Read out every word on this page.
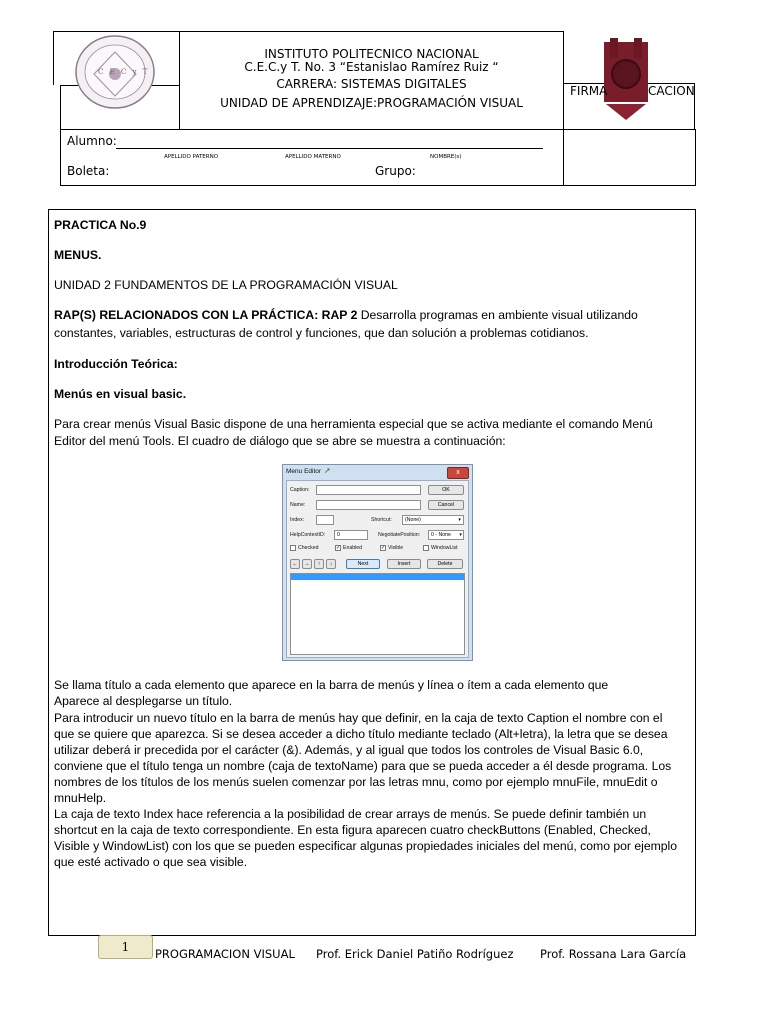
C E C y T
INSTITUTO POLITECNICO NACIONAL
C.E.C.y T. No. 3 “Estanislao Ramírez Ruiz “
CARRERA: SISTEMAS DIGITALES
UNIDAD DE APRENDIZAJE:PROGRAMACIÓN VISUAL
FIRMA	CACION
Alumno:
APELLIDO PATERNO	APELLIDO MATERNO	NOMBRE(s)
Boleta:	Grupo:
PRACTICA No.9
MENUS.
UNIDAD 2 FUNDAMENTOS DE LA PROGRAMACIÓN VISUAL
RAP(S) RELACIONADOS CON LA PRÁCTICA: RAP 2 Desarrolla programas en ambiente visual utilizando
constantes, variables, estructuras de control y funciones, que dan solución a problemas cotidianos.
Introducción Teórica:
Menús en visual basic.
Para crear menús Visual Basic dispone de una herramienta especial que se activa mediante el comando Menú
Editor del menú Tools. El cuadro de diálogo que se abre se muestra a continuación:
Menu Editor ➚	x
Caption:	OK
Name:	Cancel
Index:	Shortcut:	(None)	▾
HelpContextID:	0	NegotiatePosition:	0 - None ▾
Checked	✓ Enabled	✓ Visible	WindowList
←	→	↑	↓	Next	Insert	Delete
Se llama título a cada elemento que aparece en la barra de menús y línea o ítem a cada elemento que
Aparece al desplegarse un título.
Para introducir un nuevo título en la barra de menús hay que definir, en la caja de texto Caption el nombre con el
que se quiere que aparezca. Si se desea acceder a dicho título mediante teclado (Alt+letra), la letra que se desea
utilizar deberá ir precedida por el carácter (&). Además, y al igual que todos los controles de Visual Basic 6.0,
conviene que el título tenga un nombre (caja de textoName) para que se pueda acceder a él desde programa. Los
nombres de los títulos de los menús suelen comenzar por las letras mnu, como por ejemplo mnuFile, mnuEdit o
mnuHelp.
La caja de texto Index hace referencia a la posibilidad de crear arrays de menús. Se puede definir también un
shortcut en la caja de texto correspondiente. En esta figura aparecen cuatro checkButtons (Enabled, Checked,
Visible y WindowList) con los que se pueden especificar algunas propiedades iniciales del menú, como por ejemplo
que esté activado o que sea visible.
1	PROGRAMACION VISUAL Prof. Erick Daniel Patiño Rodríguez Prof. Rossana Lara García
